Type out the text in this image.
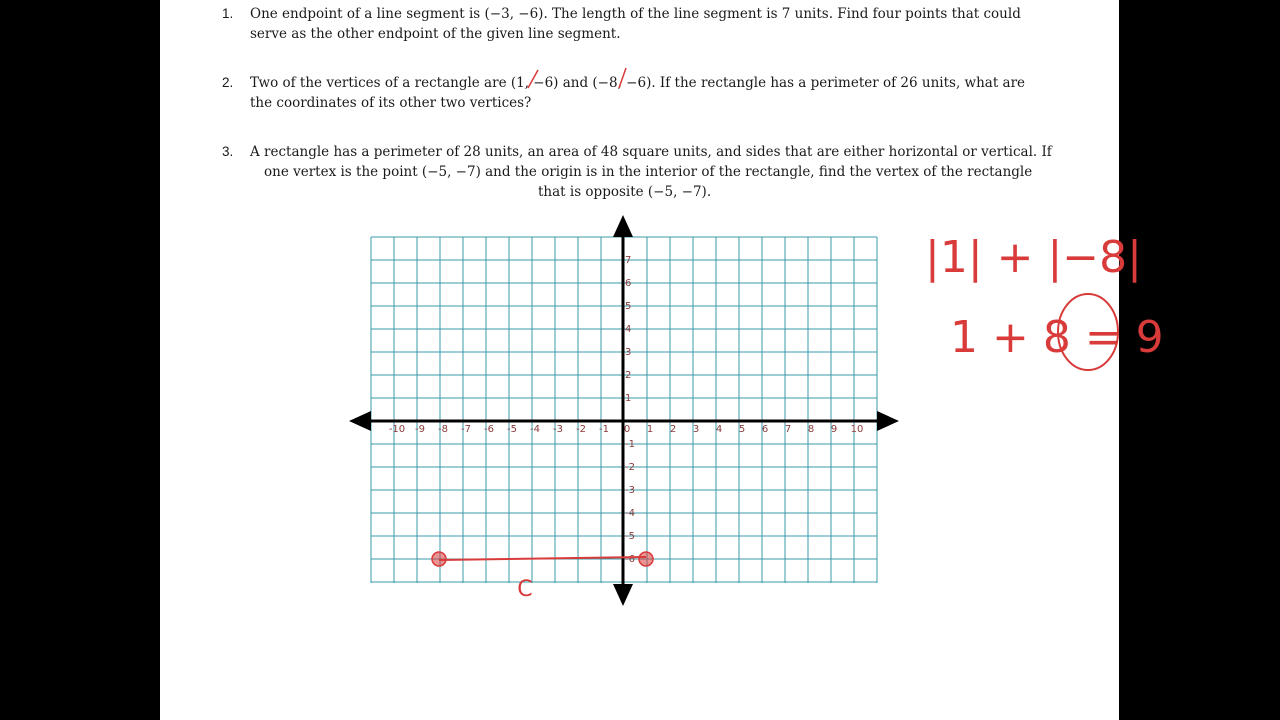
1. One endpoint of a line segment is (−3, −6). The length of the line segment is 7 units. Find four points that could
serve as the other endpoint of the given line segment.
2. Two of the vertices of a rectangle are (1, −6) and (−8, −6). If the rectangle has a perimeter of 26 units, what are
the coordinates of its other two vertices?
3. A rectangle has a perimeter of 28 units, an area of 48 square units, and sides that are either horizontal or vertical. If
one vertex is the point (−5, −7) and the origin is in the interior of the rectangle, find the vertex of the rectangle
that is opposite (−5, −7).
-10 -9 -8 -7 -6 -5 -4 -3 -2 -1 0 1 2 3 4 5 6 7 8 9 10
7
6
5
4
3
2
1
-1
-2
-3
-4
-5
-6
C
|1| + |−8|
1 + 8 = 9
